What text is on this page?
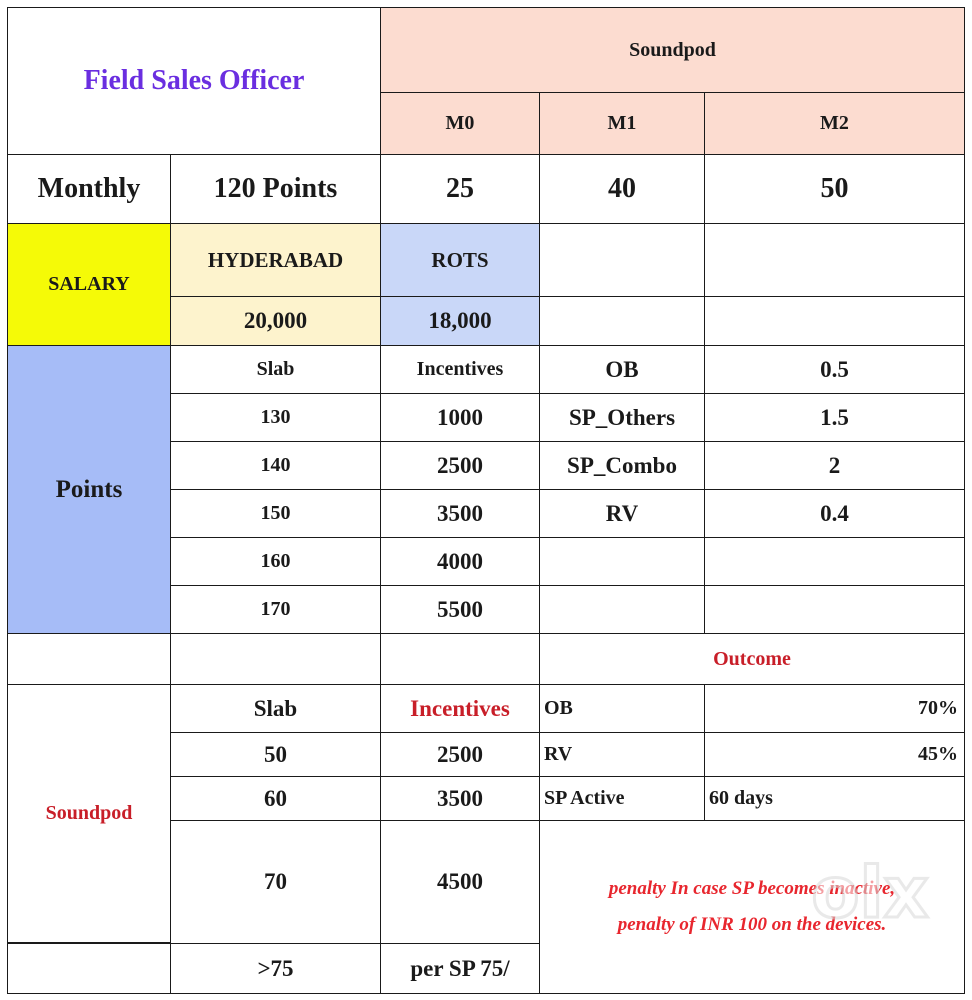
Field Sales Officer
Soundpod
M0	M1	M2
Monthly	120 Points	25	40	50
SALARY
HYDERABAD	ROTS
20,000	18,000
Points
Slab	Incentives	OB	0.5
130	1000	SP_Others	1.5
140	2500	SP_Combo	2
150	3500	RV	0.4
160	4000
170	5500
Outcome
Soundpod
Slab	Incentives	OB	70%
50	2500	RV	45%
60	3500	SP Active	60 days
70	4500	penalty In case SP becomes inactive,
penalty of INR 100 on the devices.
>75	per SP 75/
olx
